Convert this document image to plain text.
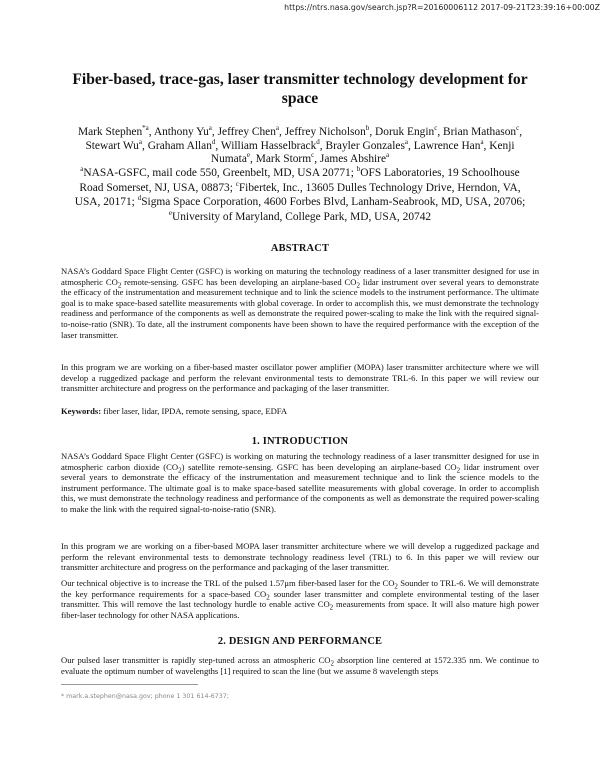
https://ntrs.nasa.gov/search.jsp?R=20160006112 2017-09-21T23:39:16+00:00Z
Fiber-based, trace-gas, laser transmitter technology development for
space
Mark Stephen$^{*a}$, Anthony Yu$^a$, Jeffrey Chen$^a$, Jeffrey Nicholson$^b$, Doruk Engin$^c$, Brian Mathason$^c$,
Stewart Wu$^a$, Graham Allan$^d$, William Hasselbrack$^d$, Brayler Gonzales$^a$, Lawrence Han$^a$, Kenji
Numata$^e$, Mark Storm$^c$, James Abshire$^a$
$^a$NASA-GSFC, mail code 550, Greenbelt, MD, USA 20771; $^b$OFS Laboratories, 19 Schoolhouse
Road Somerset, NJ, USA, 08873; $^c$Fibertek, Inc., 13605 Dulles Technology Drive, Herndon, VA,
USA, 20171; $^d$Sigma Space Corporation, 4600 Forbes Blvd, Lanham-Seabrook, MD, USA, 20706;
$^e$University of Maryland, College Park, MD, USA, 20742
ABSTRACT

NASA’s Goddard Space Flight Center (GSFC) is working on maturing the technology readiness of a laser transmitter designed for use in atmospheric $CO_2$ remote-sensing. GSFC has been developing an airplane-based $CO_2$ lidar instrument over several years to demonstrate the efficacy of the instrumentation and measurement technique and to link the science models to the instrument performance. The ultimate goal is to make space-based satellite measurements with global coverage. In order to accomplish this, we must demonstrate the technology readiness and performance of the components as well as demonstrate the required power-scaling to make the link with the required signal-to-noise-ratio (SNR). To date, all the instrument components have been shown to have the required performance with the exception of the laser transmitter.

In this program we are working on a fiber-based master oscillator power amplifier (MOPA) laser transmitter architecture where we will develop a ruggedized package and perform the relevant environmental tests to demonstrate TRL-6. In this paper we will review our transmitter architecture and progress on the performance and packaging of the laser transmitter.

Keywords: fiber laser, lidar, IPDA, remote sensing, space, EDFA

1. INTRODUCTION

NASA’s Goddard Space Flight Center (GSFC) is working on maturing the technology readiness of a laser transmitter designed for use in atmospheric carbon dioxide $(CO_2)$ satellite remote-sensing. GSFC has been developing an airplane-based $CO_2$ lidar instrument over several years to demonstrate the efficacy of the instrumentation and measurement technique and to link the science models to the instrument performance. The ultimate goal is to make space-based satellite measurements with global coverage. In order to accomplish this, we must demonstrate the technology readiness and performance of the components as well as demonstrate the required power-scaling to make the link with the required signal-to-noise-ratio (SNR).

In this program we are working on a fiber-based MOPA laser transmitter architecture where we will develop a ruggedized package and perform the relevant environmental tests to demonstrate technology readiness level (TRL) to 6. In this paper we will review our transmitter architecture and progress on the performance and packaging of the laser transmitter.

Our technical objective is to increase the TRL of the pulsed 1.57μm fiber-based laser for the $CO_2$ Sounder to TRL-6. We will demonstrate the key performance requirements for a space-based $CO_2$ sounder laser transmitter and complete environmental testing of the laser transmitter. This will remove the last technology hurdle to enable active $CO_2$ measurements from space. It will also mature high power fiber-laser technology for other NASA applications.

2. DESIGN AND PERFORMANCE

Our pulsed laser transmitter is rapidly step-tuned across an atmospheric $CO_2$ absorption line centered at 1572.335 nm. We continue to evaluate the optimum number of wavelengths [1] required to scan the line (but we assume 8 wavelength steps

* mark.a.stephen@nasa.gov; phone 1 301 614-6737;
